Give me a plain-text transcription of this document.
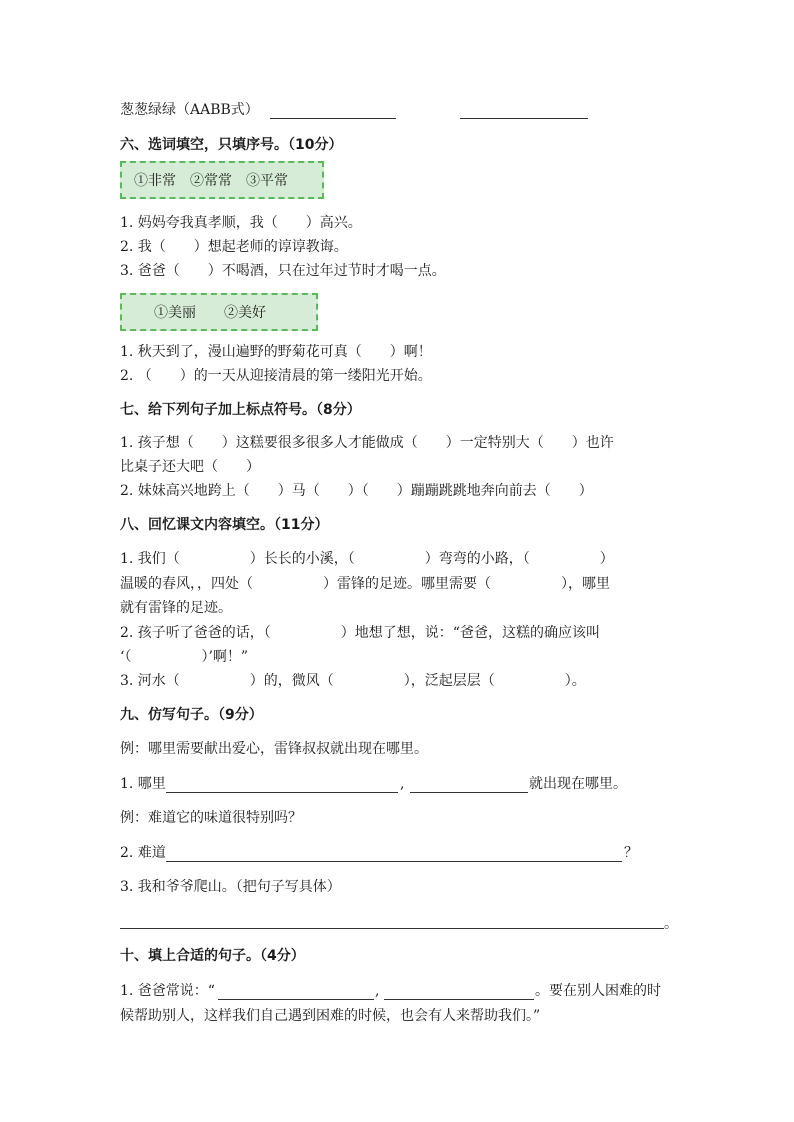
葱葱绿绿（AABB式）
六、选词填空，只填序号。（10分）
①非常　②常常　③平常
1. 妈妈夸我真孝顺，我（　　）高兴。
2. 我（　　）想起老师的谆谆教诲。
3. 爸爸（　　）不喝酒，只在过年过节时才喝一点。
①美丽　　②美好
1. 秋天到了，漫山遍野的野菊花可真（　　）啊！
2. （　　）的一天从迎接清晨的第一缕阳光开始。
七、给下列句子加上标点符号。（8分）
1. 孩子想（　　）这糕要很多很多人才能做成（　　）一定特别大（　　）也许
比桌子还大吧（　　）
2. 妹妹高兴地跨上（　　）马（　　）（　　）蹦蹦跳跳地奔向前去（　　）
八、回忆课文内容填空。（11分）
1. 我们（　　　　　）长长的小溪，（　　　　　）弯弯的小路，（　　　　　）
温暖的春风，，四处（　　　　　）雷锋的足迹。哪里需要（　　　　　），哪里
就有雷锋的足迹。
2. 孩子听了爸爸的话，（　　　　　）地想了想，说：“爸爸，这糕的确应该叫
‘（　　　　　）’啊！”
3. 河水（　　　　　）的，微风（　　　　　），泛起层层（　　　　　）。
九、仿写句子。（9分）
例：哪里需要献出爱心，雷锋叔叔就出现在哪里。
1. 哪里	,	就出现在哪里。
例：难道它的味道很特别吗？
2. 难道	？
3. 我和爷爷爬山。（把句子写具体）
。
十、填上合适的句子。（4分）
1. 爸爸常说：“	,	。要在别人困难的时
候帮助别人，这样我们自己遇到困难的时候，也会有人来帮助我们。”
